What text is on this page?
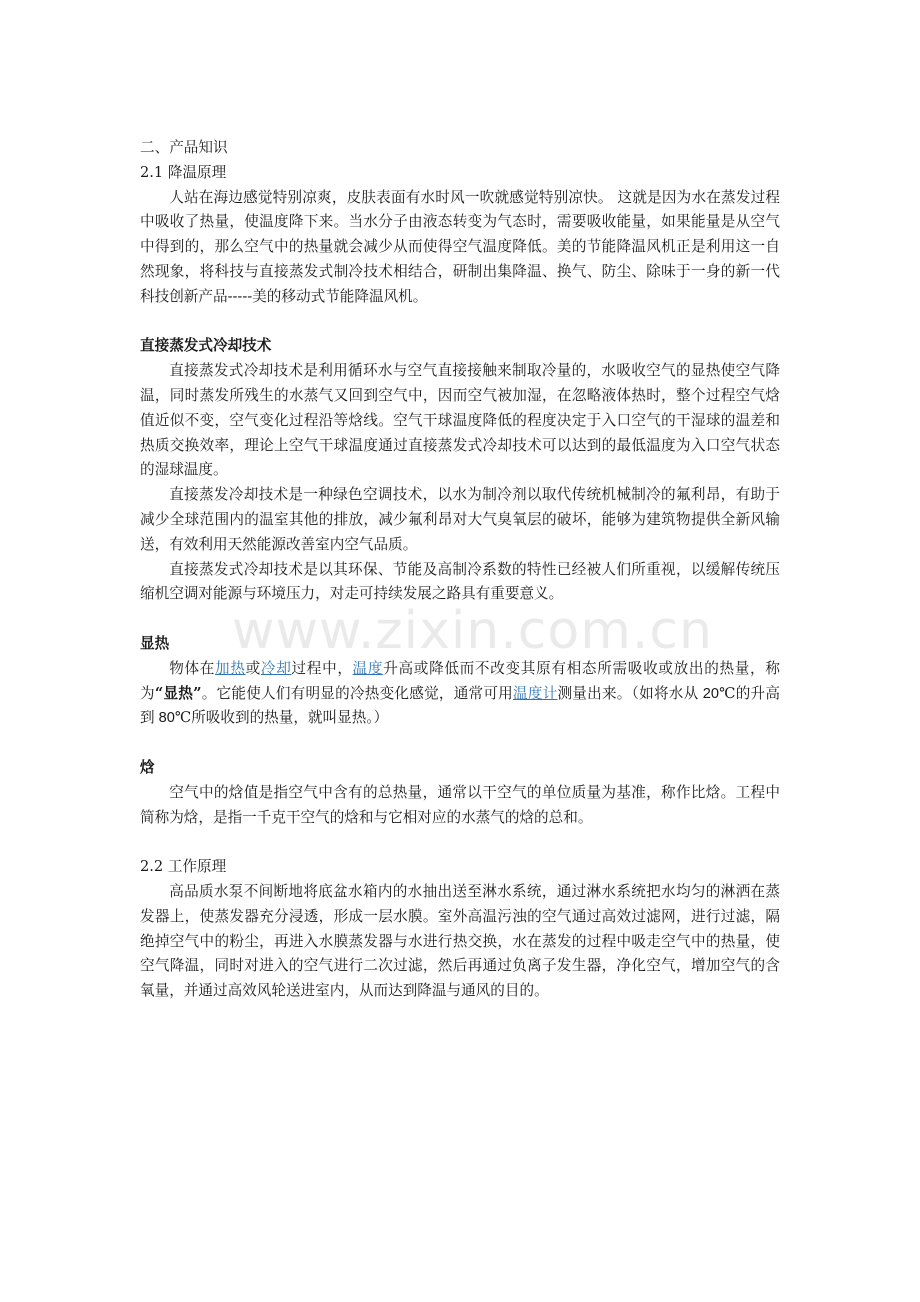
www.zixin.com.cn

二、产品知识

2.1 降温原理

人站在海边感觉特别凉爽，皮肤表面有水时风一吹就感觉特别凉快。 这就是因为水在蒸发过程中吸收了热量，使温度降下来。当水分子由液态转变为气态时，需要吸收能量，如果能量是从空气中得到的，那么空气中的热量就会减少从而使得空气温度降低。美的节能降温风机正是利用这一自然现象，将科技与直接蒸发式制冷技术相结合，研制出集降温、换气、防尘、除味于一身的新一代科技创新产品-----美的移动式节能降温风机。

直接蒸发式冷却技术

直接蒸发式冷却技术是利用循环水与空气直接接触来制取冷量的，水吸收空气的显热使空气降温，同时蒸发所残生的水蒸气又回到空气中，因而空气被加湿，在忽略液体热时，整个过程空气焓值近似不变，空气变化过程沿等焓线。空气干球温度降低的程度决定于入口空气的干湿球的温差和热质交换效率，理论上空气干球温度通过直接蒸发式冷却技术可以达到的最低温度为入口空气状态的湿球温度。

直接蒸发冷却技术是一种绿色空调技术，以水为制冷剂以取代传统机械制冷的氟利昂，有助于减少全球范围内的温室其他的排放，减少氟利昂对大气臭氧层的破坏，能够为建筑物提供全新风输送，有效利用天然能源改善室内空气品质。

直接蒸发式冷却技术是以其环保、节能及高制冷系数的特性已经被人们所重视，以缓解传统压缩机空调对能源与环境压力，对走可持续发展之路具有重要意义。

显热

物体在加热或冷却过程中，温度升高或降低而不改变其原有相态所需吸收或放出的热量，称为“显热”。它能使人们有明显的冷热变化感觉，通常可用温度计测量出来。（如将水从 20℃的升高到 80℃所吸收到的热量，就叫显热。）

焓

空气中的焓值是指空气中含有的总热量，通常以干空气的单位质量为基准，称作比焓。工程中简称为焓，是指一千克干空气的焓和与它相对应的水蒸气的焓的总和。

2.2 工作原理

高品质水泵不间断地将底盆水箱内的水抽出送至淋水系统，通过淋水系统把水均匀的淋洒在蒸发器上，使蒸发器充分浸透，形成一层水膜。室外高温污浊的空气通过高效过滤网，进行过滤，隔绝掉空气中的粉尘，再进入水膜蒸发器与水进行热交换，水在蒸发的过程中吸走空气中的热量，使空气降温，同时对进入的空气进行二次过滤，然后再通过负离子发生器，净化空气，增加空气的含氧量，并通过高效风轮送进室内，从而达到降温与通风的目的。
